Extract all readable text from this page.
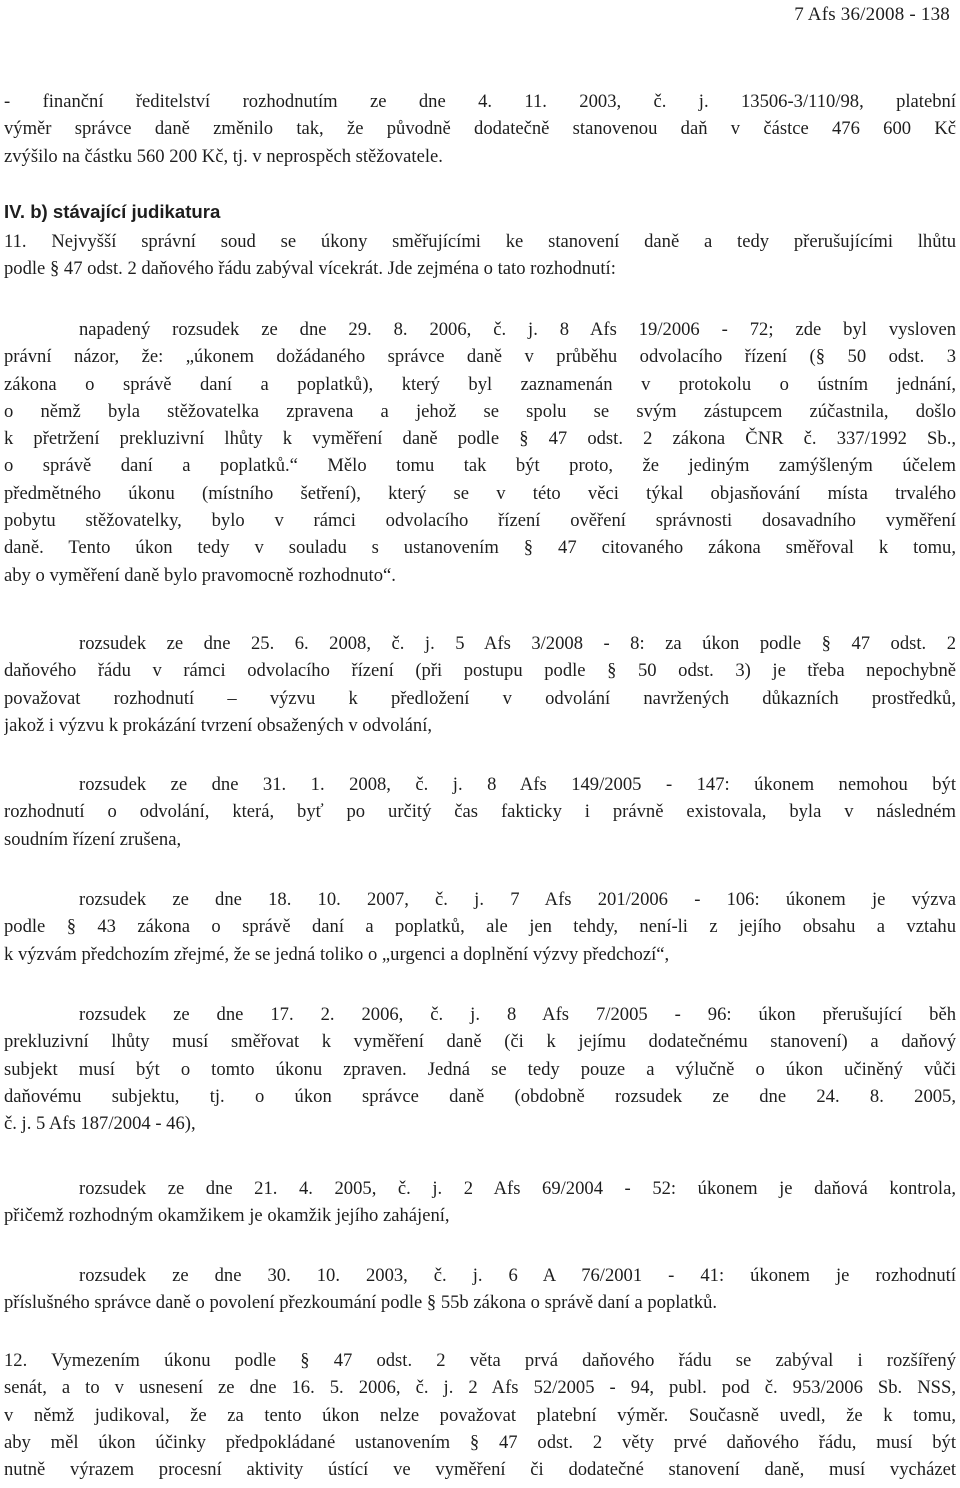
7 Afs 36/2008 - 138
- finanční ředitelství rozhodnutím ze dne 4. 11. 2003, č. j. 13506-3/110/98, platební
výměr správce daně změnilo tak, že původně dodatečně stanovenou daň v částce 476 600 Kč
zvýšilo na částku 560 200 Kč, tj. v neprospěch stěžovatele.
IV. b) stávající judikatura
11. Nejvyšší správní soud se úkony směřujícími ke stanovení daně a tedy přerušujícími lhůtu
podle § 47 odst. 2 daňového řádu zabýval vícekrát. Jde zejména o tato rozhodnutí:
napadený rozsudek ze dne 29. 8. 2006, č. j. 8 Afs 19/2006 - 72; zde byl vysloven
právní názor, že: „úkonem dožádaného správce daně v průběhu odvolacího řízení (§ 50 odst. 3
zákona o správě daní a poplatků), který byl zaznamenán v protokolu o ústním jednání,
o němž byla stěžovatelka zpravena a jehož se spolu se svým zástupcem zúčastnila, došlo
k přetržení prekluzivní lhůty k vyměření daně podle § 47 odst. 2 zákona ČNR č. 337/1992 Sb.,
o správě daní a poplatků.“ Mělo tomu tak být proto, že jediným zamýšleným účelem
předmětného úkonu (místního šetření), který se v této věci týkal objasňování místa trvalého
pobytu stěžovatelky, bylo v rámci odvolacího řízení ověření správnosti dosavadního vyměření
daně. Tento úkon tedy v souladu s ustanovením § 47 citovaného zákona směřoval k tomu,
aby o vyměření daně bylo pravomocně rozhodnuto“.
rozsudek ze dne 25. 6. 2008, č. j. 5 Afs 3/2008 - 8: za úkon podle § 47 odst. 2
daňového řádu v rámci odvolacího řízení (při postupu podle § 50 odst. 3) je třeba nepochybně
považovat rozhodnutí – výzvu k předložení v odvolání navržených důkazních prostředků,
jakož i výzvu k prokázání tvrzení obsažených v odvolání,
rozsudek ze dne 31. 1. 2008, č. j. 8 Afs 149/2005 - 147: úkonem nemohou být
rozhodnutí o odvolání, která, byť po určitý čas fakticky i právně existovala, byla v následném
soudním řízení zrušena,
rozsudek ze dne 18. 10. 2007, č. j. 7 Afs 201/2006 - 106: úkonem je výzva
podle § 43 zákona o správě daní a poplatků, ale jen tehdy, není-li z jejího obsahu a vztahu
k výzvám předchozím zřejmé, že se jedná toliko o „urgenci a doplnění výzvy předchozí“,
rozsudek ze dne 17. 2. 2006, č. j. 8 Afs 7/2005 - 96: úkon přerušující běh
prekluzivní lhůty musí směřovat k vyměření daně (či k jejímu dodatečnému stanovení) a daňový
subjekt musí být o tomto úkonu zpraven. Jedná se tedy pouze a výlučně o úkon učiněný vůči
daňovému subjektu, tj. o úkon správce daně (obdobně rozsudek ze dne 24. 8. 2005,
č. j. 5 Afs 187/2004 - 46),
rozsudek ze dne 21. 4. 2005, č. j. 2 Afs 69/2004 - 52: úkonem je daňová kontrola,
přičemž rozhodným okamžikem je okamžik jejího zahájení,
rozsudek ze dne 30. 10. 2003, č. j. 6 A 76/2001 - 41: úkonem je rozhodnutí
příslušného správce daně o povolení přezkoumání podle § 55b zákona o správě daní a poplatků.
12. Vymezením úkonu podle § 47 odst. 2 věta prvá daňového řádu se zabýval i rozšířený
senát, a to v usnesení ze dne 16. 5. 2006, č. j. 2 Afs 52/2005 - 94, publ. pod č. 953/2006 Sb. NSS,
v němž judikoval, že za tento úkon nelze považovat platební výměr. Současně uvedl, že k tomu,
aby měl úkon účinky předpokládané ustanovením § 47 odst. 2 věty prvé daňového řádu, musí být
nutně výrazem procesní aktivity ústící ve vyměření či dodatečné stanovení daně, musí vycházet
